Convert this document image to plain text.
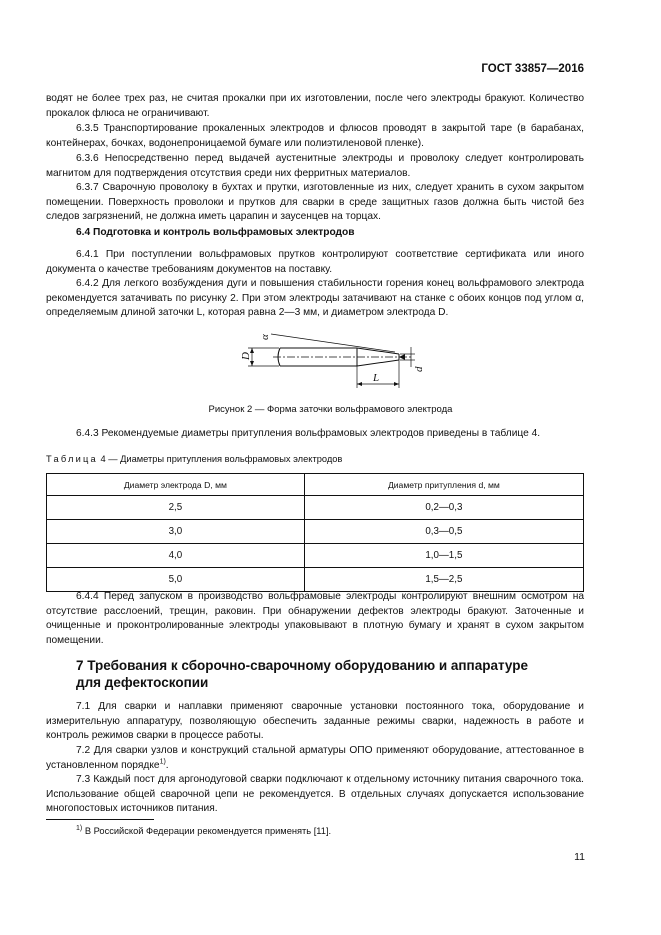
ГОСТ 33857—2016
водят не более трех раз, не считая прокалки при их изготовлении, после чего электроды бракуют. Количество прокалок флюса не ограничивают.
6.3.5 Транспортирование прокаленных электродов и флюсов проводят в закрытой таре (в барабанах, контейнерах, бочках, водонепроницаемой бумаге или полиэтиленовой пленке).
6.3.6 Непосредственно перед выдачей аустенитные электроды и проволоку следует контролировать магнитом для подтверждения отсутствия среди них ферритных материалов.
6.3.7 Сварочную проволоку в бухтах и прутки, изготовленные из них, следует хранить в сухом закрытом помещении. Поверхность проволоки и прутков для сварки в среде защитных газов должна быть чистой без следов загрязнений, не должна иметь царапин и заусенцев на торцах.
6.4 Подготовка и контроль вольфрамовых электродов
6.4.1 При поступлении вольфрамовых прутков контролируют соответствие сертификата или иного документа о качестве требованиям документов на поставку.
6.4.2 Для легкого возбуждения дуги и повышения стабильности горения конец вольфрамового электрода рекомендуется затачивать по рисунку 2. При этом электроды затачивают на станке с обоих концов под углом α, определяемым длиной заточки L, которая равна 2—3 мм, и диаметром электрода D.
α
D
L
d
Рисунок 2 — Форма заточки вольфрамового электрода
6.4.3 Рекомендуемые диаметры притупления вольфрамовых электродов приведены в таблице 4.
Таблица 4 — Диаметры притупления вольфрамовых электродов
Диаметр электрода D, мм	Диаметр притупления d, мм
2,5	0,2—0,3
3,0	0,3—0,5
4,0	1,0—1,5
5,0	1,5—2,5
6.4.4 Перед запуском в производство вольфрамовые электроды контролируют внешним осмотром на отсутствие расслоений, трещин, раковин. При обнаружении дефектов электроды бракуют. Заточенные и очищенные и проконтролированные электроды упаковывают в плотную бумагу и хранят в сухом закрытом помещении.
7 Требования к сборочно-сварочному оборудованию и аппаратуре
для дефектоскопии
7.1 Для сварки и наплавки применяют сварочные установки постоянного тока, оборудование и измерительную аппаратуру, позволяющую обеспечить заданные режимы сварки, надежность в работе и контроль режимов сварки в процессе работы.
7.2 Для сварки узлов и конструкций стальной арматуры ОПО применяют оборудование, аттестованное в установленном порядке$^{1)}$.
7.3 Каждый пост для аргонодуговой сварки подключают к отдельному источнику питания сварочного тока. Использование общей сварочной цепи не рекомендуется. В отдельных случаях допускается использование многопостовых источников питания.
$^{1)}$ В Российской Федерации рекомендуется применять [11].
11
